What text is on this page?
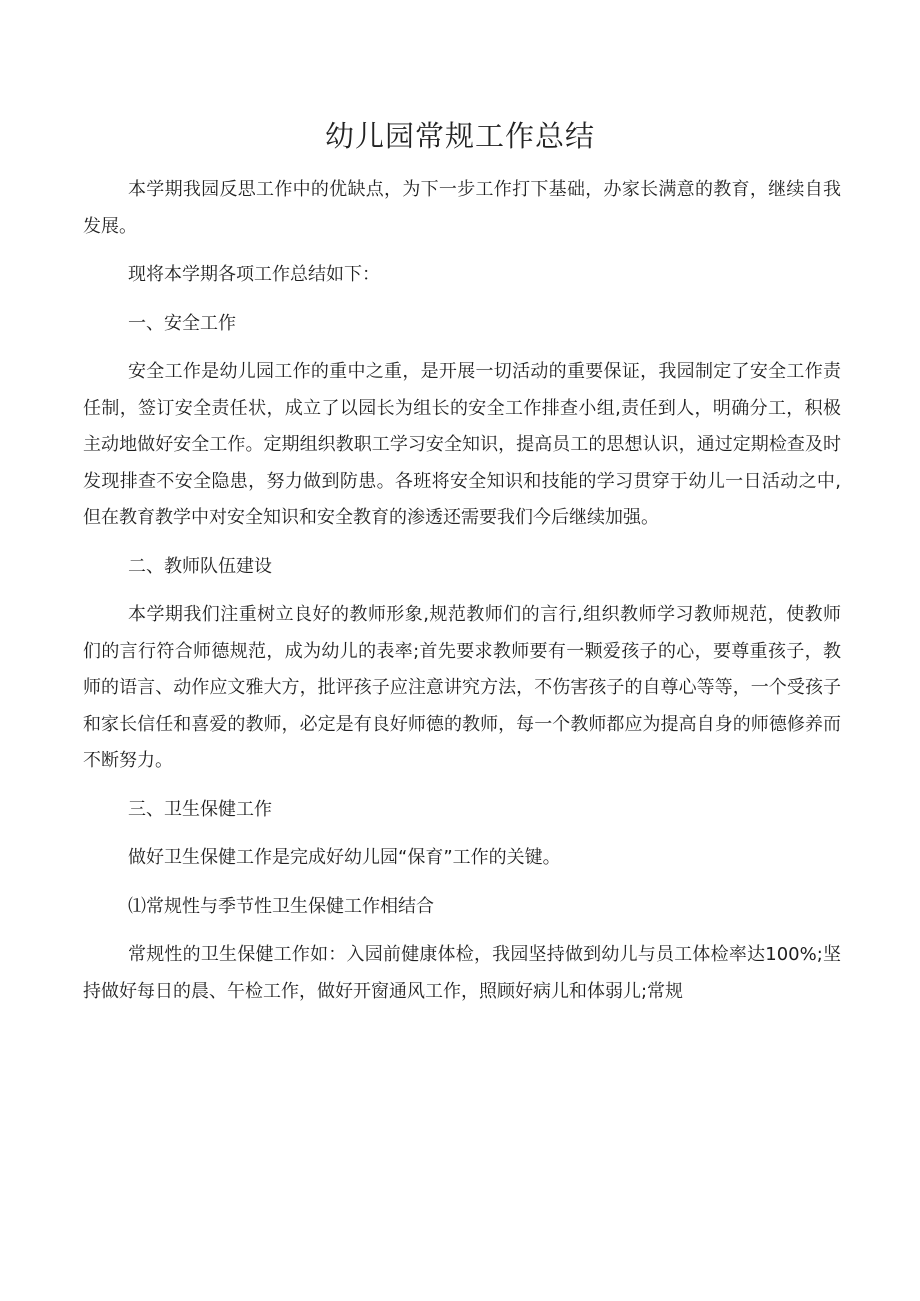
幼儿园常规工作总结

本学期我园反思工作中的优缺点，为下一步工作打下基础，办家长满意的教育，继续自我发展。

现将本学期各项工作总结如下：

一、安全工作

安全工作是幼儿园工作的重中之重，是开展一切活动的重要保证，我园制定了安全工作责任制，签订安全责任状，成立了以园长为组长的安全工作排查小组,责任到人，明确分工，积极主动地做好安全工作。定期组织教职工学习安全知识，提高员工的思想认识，通过定期检查及时发现排查不安全隐患，努力做到防患。各班将安全知识和技能的学习贯穿于幼儿一日活动之中,但在教育教学中对安全知识和安全教育的渗透还需要我们今后继续加强。

二、教师队伍建设

本学期我们注重树立良好的教师形象,规范教师们的言行,组织教师学习教师规范，使教师们的言行符合师德规范，成为幼儿的表率;首先要求教师要有一颗爱孩子的心，要尊重孩子，教师的语言、动作应文雅大方，批评孩子应注意讲究方法，不伤害孩子的自尊心等等，一个受孩子和家长信任和喜爱的教师，必定是有良好师德的教师，每一个教师都应为提高自身的师德修养而不断努力。

三、卫生保健工作

做好卫生保健工作是完成好幼儿园“保育”工作的关键。

⑴常规性与季节性卫生保健工作相结合

常规性的卫生保健工作如：入园前健康体检，我园坚持做到幼儿与员工体检率达100%;坚持做好每日的晨、午检工作，做好开窗通风工作，照顾好病儿和体弱儿;常规
